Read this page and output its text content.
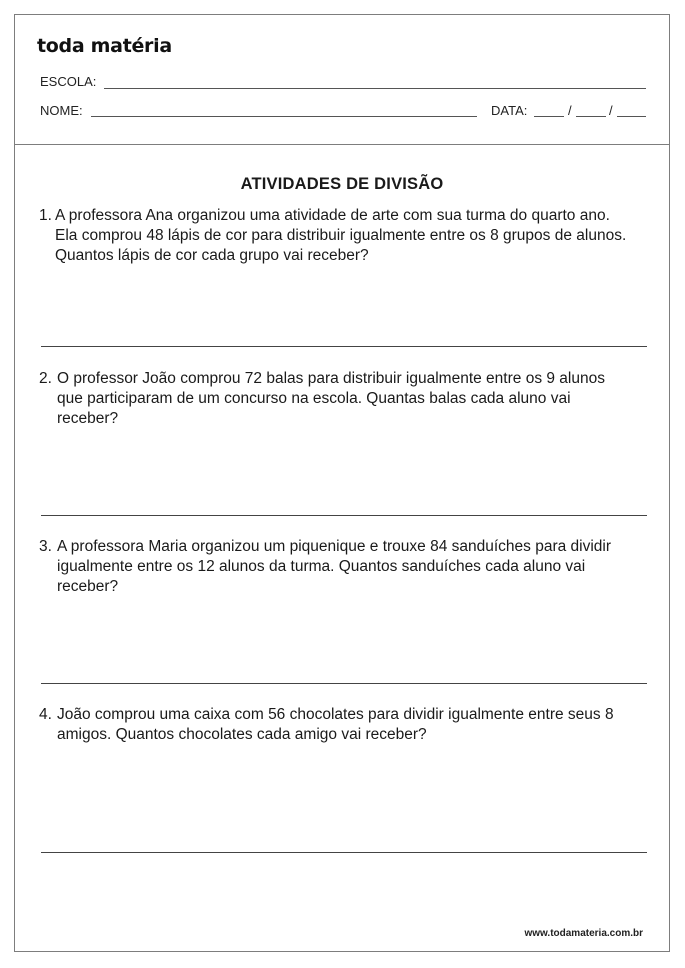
toda matéria
ESCOLA:
NOME:	DATA:	/	/
ATIVIDADES DE DIVISÃO
1. A professora Ana organizou uma atividade de arte com sua turma do quarto ano. Ela comprou 48 lápis de cor para distribuir igualmente entre os 8 grupos de alunos. Quantos lápis de cor cada grupo vai receber?
2. O professor João comprou 72 balas para distribuir igualmente entre os 9 alunos que participaram de um concurso na escola. Quantas balas cada aluno vai receber?
3. A professora Maria organizou um piquenique e trouxe 84 sanduíches para dividir igualmente entre os 12 alunos da turma. Quantos sanduíches cada aluno vai receber?
4. João comprou uma caixa com 56 chocolates para dividir igualmente entre seus 8 amigos. Quantos chocolates cada amigo vai receber?
www.todamateria.com.br
